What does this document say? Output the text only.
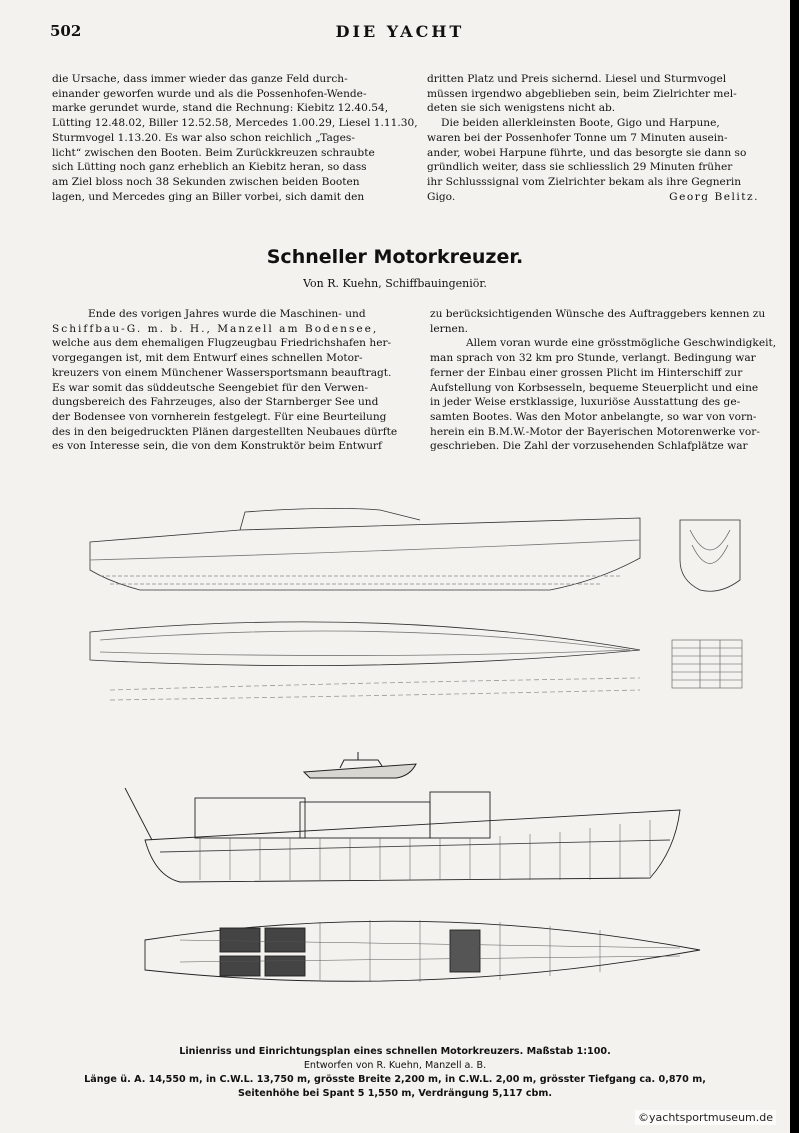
502	DIE YACHT
die Ursache, dass immer wieder das ganze Feld durch-
einander geworfen wurde und als die Possenhofen-Wende-
marke gerundet wurde, stand die Rechnung: Kiebitz 12.40.54,
Lütting 12.48.02, Biller 12.52.58, Mercedes 1.00.29, Liesel 1.11.30,
Sturmvogel 1.13.20. Es war also schon reichlich „Tages-
licht“ zwischen den Booten. Beim Zurückkreuzen schraubte
sich Lütting noch ganz erheblich an Kiebitz heran, so dass
am Ziel bloss noch 38 Sekunden zwischen beiden Booten
lagen, und Mercedes ging an Biller vorbei, sich damit den
dritten Platz und Preis sichernd. Liesel und Sturmvogel
müssen irgendwo abgeblieben sein, beim Zielrichter mel-
deten sie sich wenigstens nicht ab.
Die beiden allerkleinsten Boote, Gigo und Harpune,
waren bei der Possenhofer Tonne um 7 Minuten ausein-
ander, wobei Harpune führte, und das besorgte sie dann so
gründlich weiter, dass sie schliesslich 29 Minuten früher
ihr Schlusssignal vom Zielrichter bekam als ihre Gegnerin
Gigo.	Georg Belitz.
Schneller Motorkreuzer.
Von R. Kuehn, Schiffbauingeniör.
Ende des vorigen Jahres wurde die Maschinen- und
Schiffbau-G. m. b. H., Manzell am Bodensee,
welche aus dem ehemaligen Flugzeugbau Friedrichshafen her-
vorgegangen ist, mit dem Entwurf eines schnellen Motor-
kreuzers von einem Münchener Wassersportsmann beauftragt.
Es war somit das süddeutsche Seengebiet für den Verwen-
dungsbereich des Fahrzeuges, also der Starnberger See und
der Bodensee von vornherein festgelegt. Für eine Beurteilung
des in den beigedruckten Plänen dargestellten Neubaues dürfte
es von Interesse sein, die von dem Konstruktör beim Entwurf
zu berücksichtigenden Wünsche des Auftraggebers kennen zu
lernen.
Allem voran wurde eine grösstmögliche Geschwindigkeit,
man sprach von 32 km pro Stunde, verlangt. Bedingung war
ferner der Einbau einer grossen Plicht im Hinterschiff zur
Aufstellung von Korbsesseln, bequeme Steuerplicht und eine
in jeder Weise erstklassige, luxuriöse Ausstattung des ge-
samten Bootes. Was den Motor anbelangte, so war von vorn-
herein ein B.M.W.-Motor der Bayerischen Motorenwerke vor-
geschrieben. Die Zahl der vorzusehenden Schlafplätze war
Linienriss und Einrichtungsplan eines schnellen Motorkreuzers. Maßstab 1:100.
Entworfen von R. Kuehn, Manzell a. B.
Länge ü. A. 14,550 m, in C.W.L. 13,750 m, grösste Breite 2,200 m, in C.W.L. 2,00 m, grösster Tiefgang ca. 0,870 m,
Seitenhöhe bei Spant 5 1,550 m, Verdrängung 5,117 cbm.
©yachtsportmuseum.de
